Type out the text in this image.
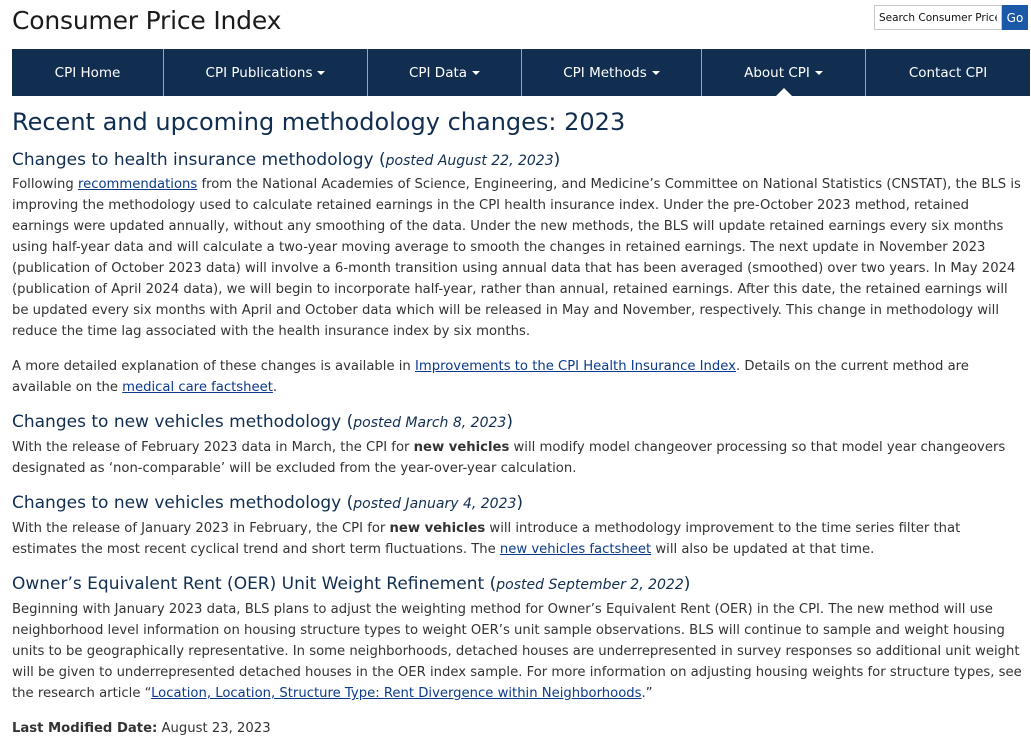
Consumer Price Index
Search Consumer Price	Go
CPI Home	CPI Publications	CPI Data	CPI Methods	About CPI	Contact CPI
Recent and upcoming methodology changes: 2023
Changes to health insurance methodology (posted August 22, 2023)

Following recommendations from the National Academies of Science, Engineering, and Medicine’s Committee on National Statistics (CNSTAT), the BLS is improving the methodology used to calculate retained earnings in the CPI health insurance index. Under the pre-October 2023 method, retained earnings were updated annually, without any smoothing of the data. Under the new methods, the BLS will update retained earnings every six months using half-year data and will calculate a two-year moving average to smooth the changes in retained earnings. The next update in November 2023 (publication of October 2023 data) will involve a 6-month transition using annual data that has been averaged (smoothed) over two years. In May 2024 (publication of April 2024 data), we will begin to incorporate half-year, rather than annual, retained earnings. After this date, the retained earnings will be updated every six months with April and October data which will be released in May and November, respectively. This change in methodology will reduce the time lag associated with the health insurance index by six months.

A more detailed explanation of these changes is available in Improvements to the CPI Health Insurance Index. Details on the current method are available on the medical care factsheet.

Changes to new vehicles methodology (posted March 8, 2023)

With the release of February 2023 data in March, the CPI for new vehicles will modify model changeover processing so that model year changeovers designated as ‘non-comparable’ will be excluded from the year-over-year calculation.

Changes to new vehicles methodology (posted January 4, 2023)

With the release of January 2023 in February, the CPI for new vehicles will introduce a methodology improvement to the time series filter that estimates the most recent cyclical trend and short term fluctuations. The new vehicles factsheet will also be updated at that time.

Owner’s Equivalent Rent (OER) Unit Weight Refinement (posted September 2, 2022)

Beginning with January 2023 data, BLS plans to adjust the weighting method for Owner’s Equivalent Rent (OER) in the CPI. The new method will use neighborhood level information on housing structure types to weight OER’s unit sample observations. BLS will continue to sample and weight housing units to be geographically representative. In some neighborhoods, detached houses are underrepresented in survey responses so additional unit weight will be given to underrepresented detached houses in the OER index sample. For more information on adjusting housing weights for structure types, see the research article “Location, Location, Structure Type: Rent Divergence within Neighborhoods.”

Last Modified Date: August 23, 2023
